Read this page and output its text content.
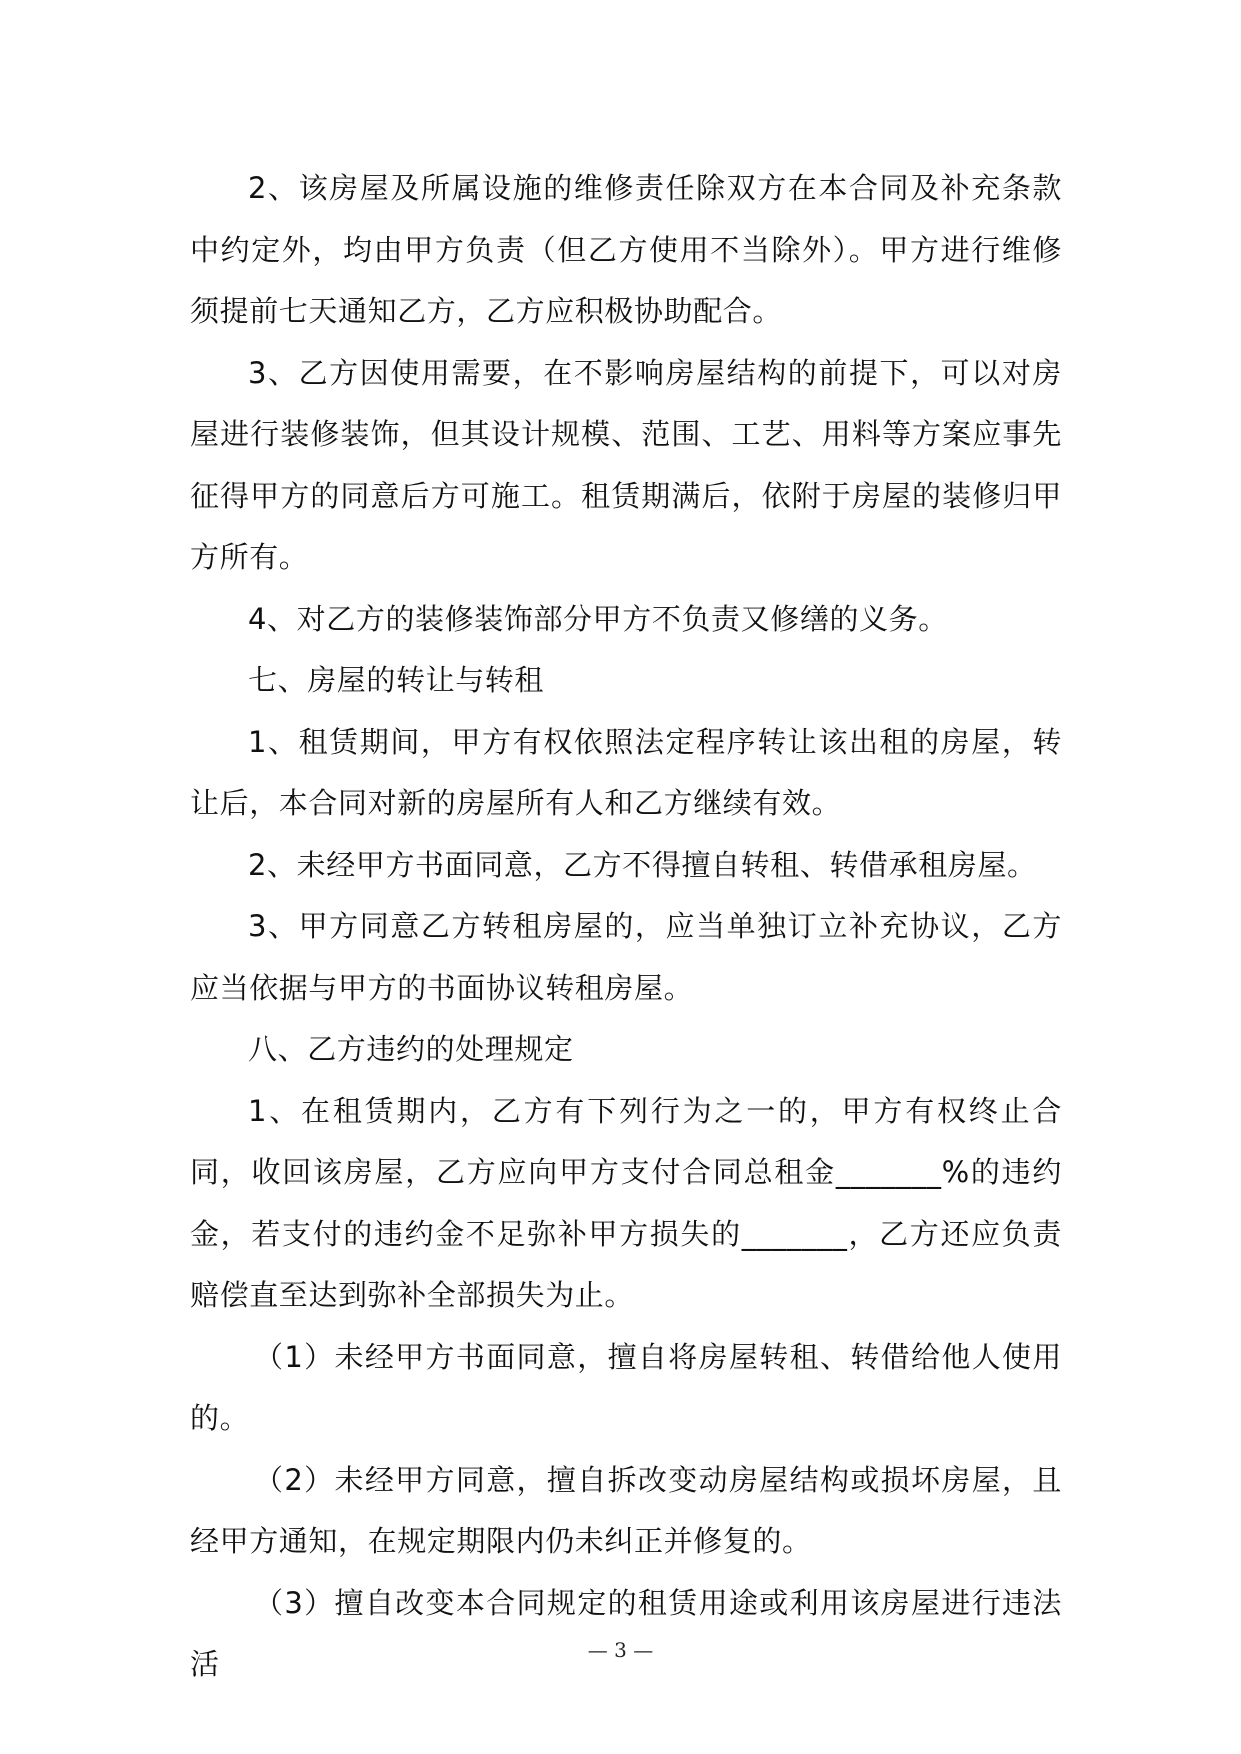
2、该房屋及所属设施的维修责任除双方在本合同及补充条款中约定外，均由甲方负责（但乙方使用不当除外）。甲方进行维修须提前七天通知乙方，乙方应积极协助配合。

3、乙方因使用需要，在不影响房屋结构的前提下，可以对房屋进行装修装饰，但其设计规模、范围、工艺、用料等方案应事先征得甲方的同意后方可施工。租赁期满后，依附于房屋的装修归甲方所有。

4、对乙方的装修装饰部分甲方不负责又修缮的义务。

七、房屋的转让与转租

1、租赁期间，甲方有权依照法定程序转让该出租的房屋，转让后，本合同对新的房屋所有人和乙方继续有效。

2、未经甲方书面同意，乙方不得擅自转租、转借承租房屋。

3、甲方同意乙方转租房屋的，应当单独订立补充协议，乙方应当依据与甲方的书面协议转租房屋。

八、乙方违约的处理规定

1、在租赁期内，乙方有下列行为之一的，甲方有权终止合同，收回该房屋，乙方应向甲方支付合同总租金_______%的违约金，若支付的违约金不足弥补甲方损失的_______，乙方还应负责赔偿直至达到弥补全部损失为止。

（1）未经甲方书面同意，擅自将房屋转租、转借给他人使用的。

（2）未经甲方同意，擅自拆改变动房屋结构或损坏房屋，且经甲方通知，在规定期限内仍未纠正并修复的。

（3）擅自改变本合同规定的租赁用途或利用该房屋进行违法活	— 3 —
